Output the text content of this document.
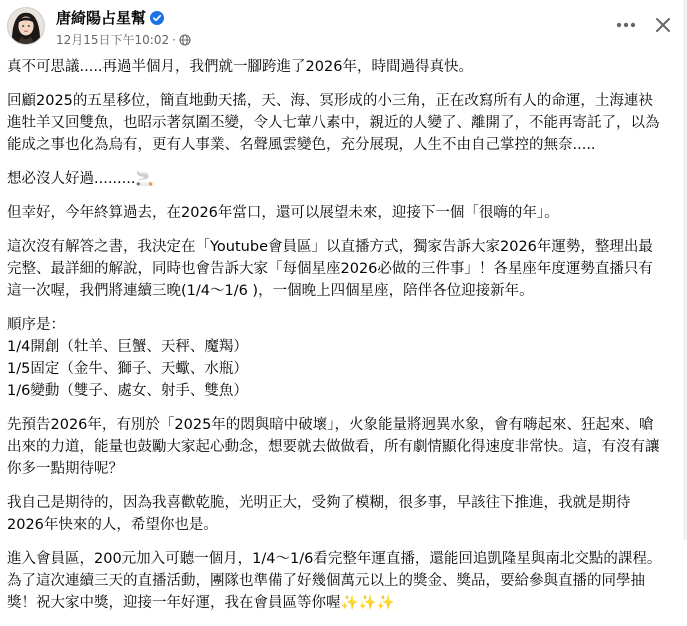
唐綺陽占星幫
12月15日下午10:02 ·

真不可思議.....再過半個月，我們就一腳跨進了2026年，時間過得真快。

回顧2025的五星移位，簡直地動天搖，天、海、冥形成的小三角，正在改寫所有人的命運，土海連袂
進牡羊又回雙魚，也昭示著氛圍丕變，令人七葷八素中，親近的人變了、離開了，不能再寄託了，以為
能成之事也化為烏有，更有人事業、名聲風雲變色，充分展現，人生不由自己掌控的無奈.....

想必沒人好過.........🚬

但幸好，今年終算過去，在2026年當口，還可以展望未來，迎接下一個「很嗨的年」。

這次沒有解答之書，我決定在「Youtube會員區」以直播方式，獨家告訴大家2026年運勢，整理出最
完整、最詳細的解說，同時也會告訴大家「每個星座2026必做的三件事」！各星座年度運勢直播只有
這一次喔，我們將連續三晚(1/4～1/6 )，一個晚上四個星座，陪伴各位迎接新年。

順序是：
1/4開創（牡羊、巨蟹、天秤、魔羯）
1/5固定（金牛、獅子、天蠍、水瓶）
1/6變動（雙子、處女、射手、雙魚）

先預告2026年，有別於「2025年的悶與暗中破壞」，火象能量將迥異水象，會有嗨起來、狂起來、嗆
出來的力道，能量也鼓勵大家起心動念，想要就去做做看，所有劇情顯化得速度非常快。這，有沒有讓
你多一點期待呢？

我自己是期待的，因為我喜歡乾脆，光明正大，受夠了模糊，很多事，早該往下推進，我就是期待
2026年快來的人，希望你也是。

進入會員區，200元加入可聽一個月，1/4～1/6看完整年運直播，還能回追凱隆星與南北交點的課程。
為了這次連續三天的直播活動，團隊也準備了好幾個萬元以上的獎金、獎品，要給參與直播的同學抽
獎！祝大家中獎，迎接一年好運，我在會員區等你喔✨✨✨
